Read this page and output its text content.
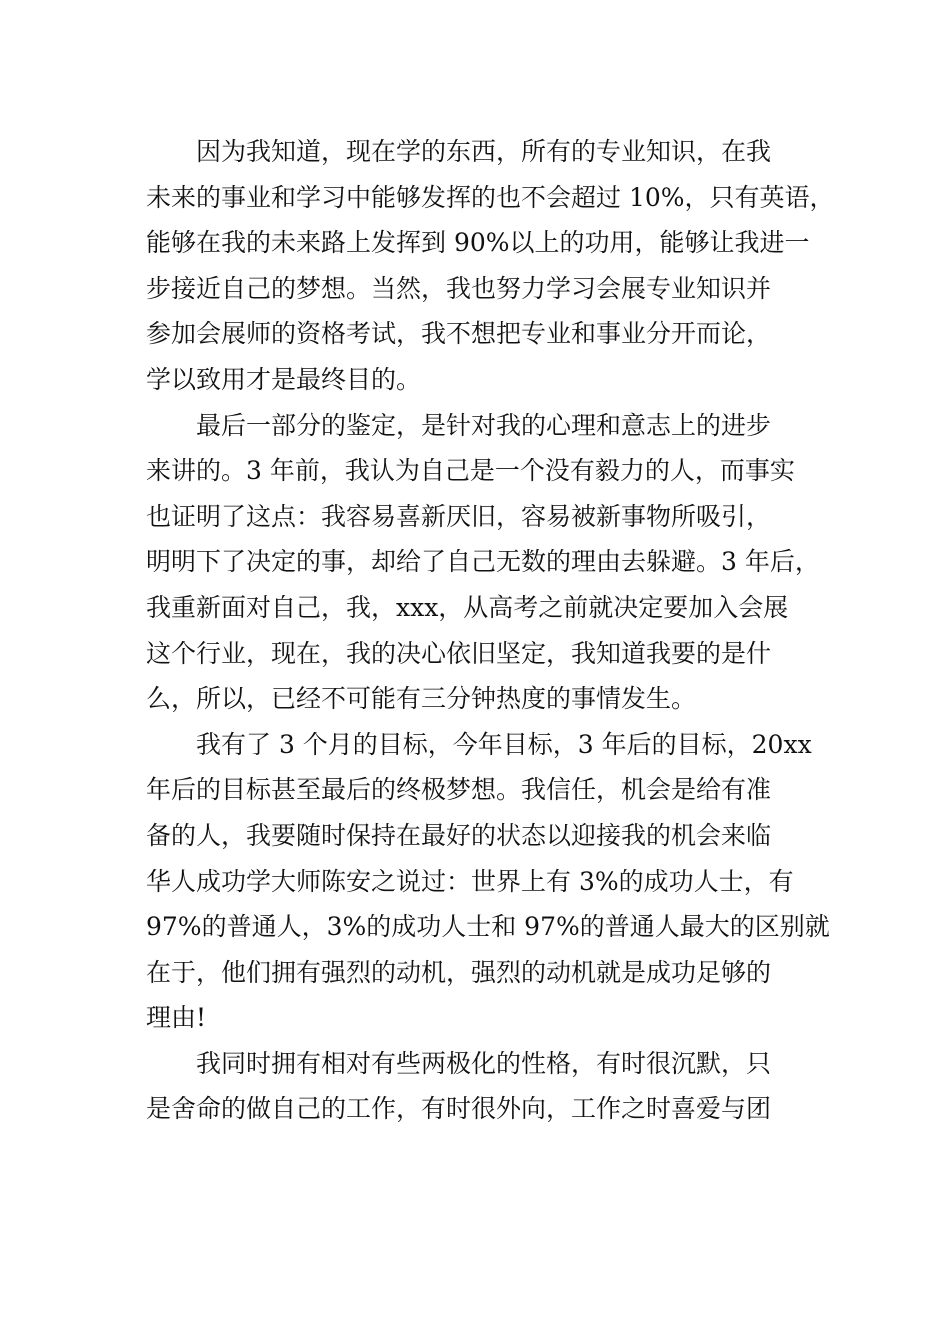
因为我知道，现在学的东西，所有的专业知识，在我

未来的事业和学习中能够发挥的也不会超过 10%，只有英语，

能够在我的未来路上发挥到 90%以上的功用，能够让我进一

步接近自己的梦想。当然，我也努力学习会展专业知识并

参加会展师的资格考试，我不想把专业和事业分开而论，

学以致用才是最终目的。

最后一部分的鉴定，是针对我的心理和意志上的进步

来讲的。3 年前，我认为自己是一个没有毅力的人，而事实

也证明了这点：我容易喜新厌旧，容易被新事物所吸引，

明明下了决定的事，却给了自己无数的理由去躲避。3 年后，

我重新面对自己，我，xxx，从高考之前就决定要加入会展

这个行业，现在，我的决心依旧坚定，我知道我要的是什

么，所以，已经不可能有三分钟热度的事情发生。

我有了 3 个月的目标，今年目标，3 年后的目标，20xx

年后的目标甚至最后的终极梦想。我信任，机会是给有准

备的人，我要随时保持在最好的状态以迎接我的机会来临

华人成功学大师陈安之说过：世界上有 3%的成功人士，有

97%的普通人，3%的成功人士和 97%的普通人最大的区别就

在于，他们拥有强烈的动机，强烈的动机就是成功足够的

理由!

我同时拥有相对有些两极化的性格，有时很沉默，只

是舍命的做自己的工作，有时很外向，工作之时喜爱与团
